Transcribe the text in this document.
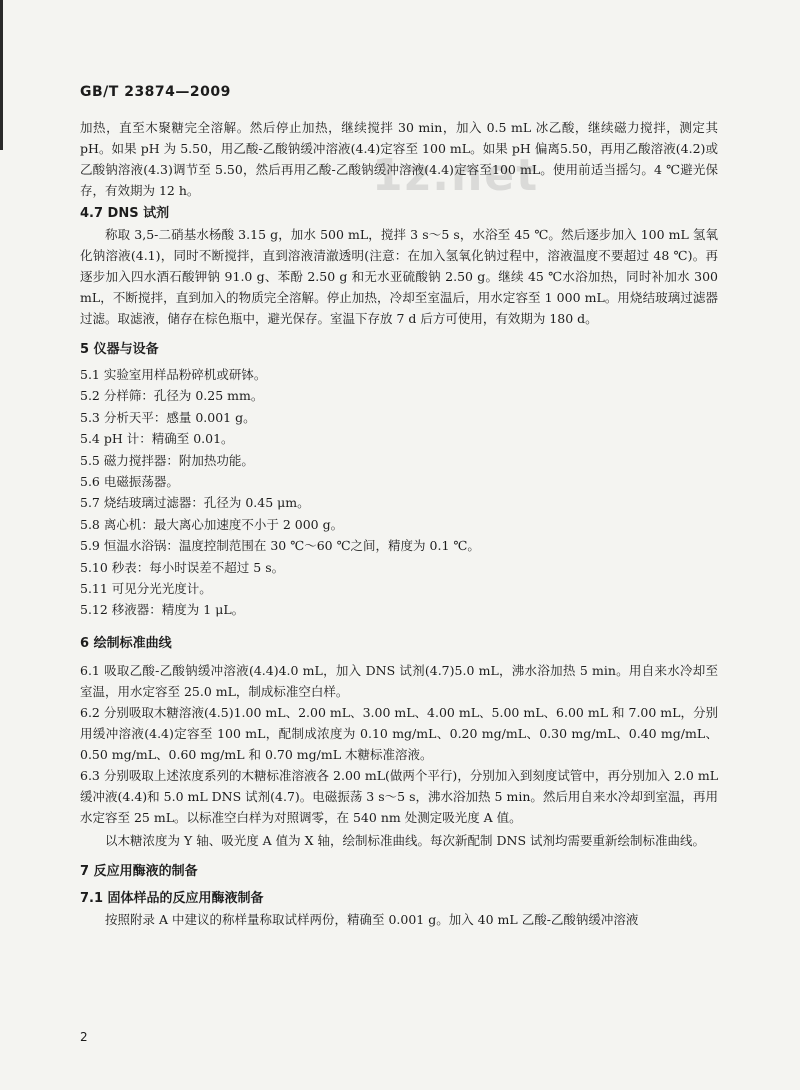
GB/T 23874—2009
1z.net

加热，直至木聚糖完全溶解。然后停止加热，继续搅拌 30 min，加入 0.5 mL 冰乙酸，继续磁力搅拌，测定其 pH。如果 pH 为 5.50，用乙酸-乙酸钠缓冲溶液(4.4)定容至 100 mL。如果 pH 偏离5.50，再用乙酸溶液(4.2)或乙酸钠溶液(4.3)调节至 5.50，然后再用乙酸-乙酸钠缓冲溶液(4.4)定容至100 mL。使用前适当摇匀。4 ℃避光保存，有效期为 12 h。

4.7 DNS 试剂

称取 3,5-二硝基水杨酸 3.15 g，加水 500 mL，搅拌 3 s～5 s，水浴至 45 ℃。然后逐步加入 100 mL 氢氧化钠溶液(4.1)，同时不断搅拌，直到溶液清澈透明(注意：在加入氢氧化钠过程中，溶液温度不要超过 48 ℃)。再逐步加入四水酒石酸钾钠 91.0 g、苯酚 2.50 g 和无水亚硫酸钠 2.50 g。继续 45 ℃水浴加热，同时补加水 300 mL，不断搅拌，直到加入的物质完全溶解。停止加热，冷却至室温后，用水定容至 1 000 mL。用烧结玻璃过滤器过滤。取滤液，储存在棕色瓶中，避光保存。室温下存放 7 d 后方可使用，有效期为 180 d。

5 仪器与设备

5.1 实验室用样品粉碎机或研钵。

5.2 分样筛：孔径为 0.25 mm。

5.3 分析天平：感量 0.001 g。

5.4 pH 计：精确至 0.01。

5.5 磁力搅拌器：附加热功能。

5.6 电磁振荡器。

5.7 烧结玻璃过滤器：孔径为 0.45 μm。

5.8 离心机：最大离心加速度不小于 2 000 g。

5.9 恒温水浴锅：温度控制范围在 30 ℃～60 ℃之间，精度为 0.1 ℃。

5.10 秒表：每小时误差不超过 5 s。

5.11 可见分光光度计。

5.12 移液器：精度为 1 μL。

6 绘制标准曲线

6.1 吸取乙酸-乙酸钠缓冲溶液(4.4)4.0 mL，加入 DNS 试剂(4.7)5.0 mL，沸水浴加热 5 min。用自来水冷却至室温，用水定容至 25.0 mL，制成标准空白样。

6.2 分别吸取木糖溶液(4.5)1.00 mL、2.00 mL、3.00 mL、4.00 mL、5.00 mL、6.00 mL 和 7.00 mL，分别用缓冲溶液(4.4)定容至 100 mL，配制成浓度为 0.10 mg/mL、0.20 mg/mL、0.30 mg/mL、0.40 mg/mL、0.50 mg/mL、0.60 mg/mL 和 0.70 mg/mL 木糖标准溶液。

6.3 分别吸取上述浓度系列的木糖标准溶液各 2.00 mL(做两个平行)，分别加入到刻度试管中，再分别加入 2.0 mL 缓冲液(4.4)和 5.0 mL DNS 试剂(4.7)。电磁振荡 3 s～5 s，沸水浴加热 5 min。然后用自来水冷却到室温，再用水定容至 25 mL。以标准空白样为对照调零，在 540 nm 处测定吸光度 A 值。

以木糖浓度为 Y 轴、吸光度 A 值为 X 轴，绘制标准曲线。每次新配制 DNS 试剂均需要重新绘制标准曲线。

7 反应用酶液的制备

7.1 固体样品的反应用酶液制备

按照附录 A 中建议的称样量称取试样两份，精确至 0.001 g。加入 40 mL 乙酸-乙酸钠缓冲溶液

2
